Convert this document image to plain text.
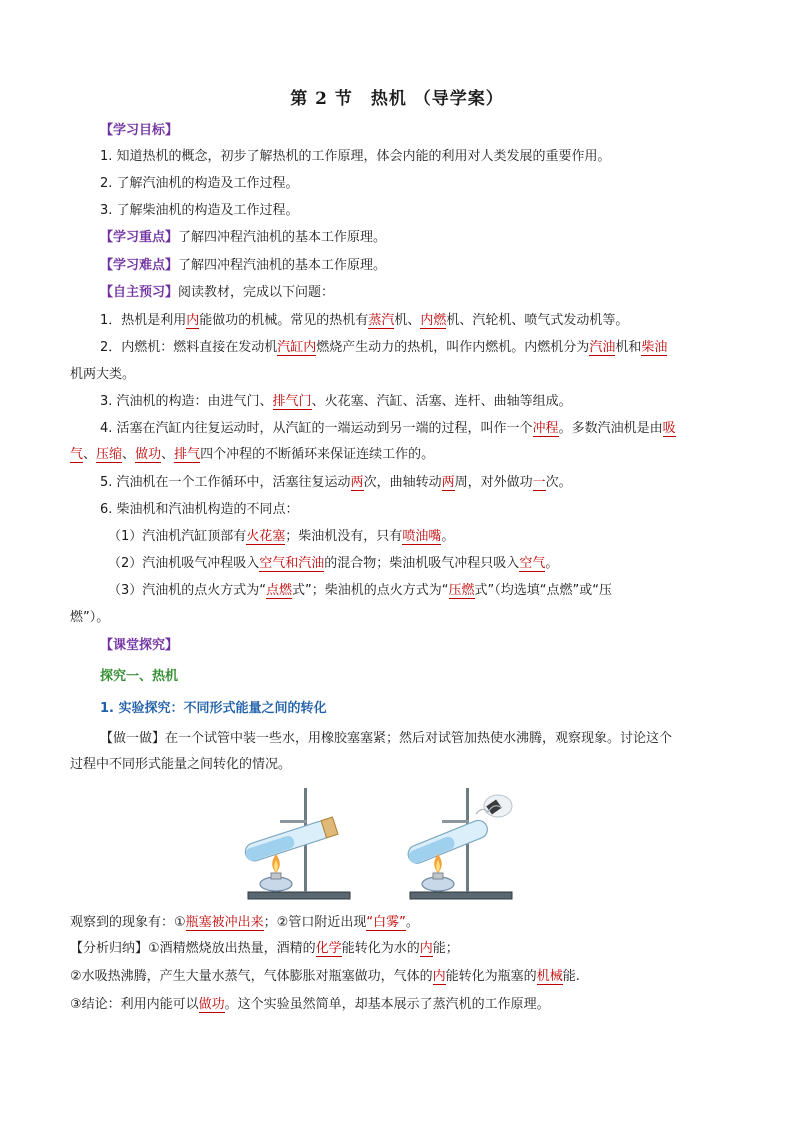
第 2 节　热机 （导学案）
【学习目标】
1. 知道热机的概念，初步了解热机的工作原理，体会内能的利用对人类发展的重要作用。
2. 了解汽油机的构造及工作过程。
3. 了解柴油机的构造及工作过程。
【学习重点】了解四冲程汽油机的基本工作原理。
【学习难点】了解四冲程汽油机的基本工作原理。
【自主预习】阅读教材，完成以下问题：
1．热机是利用内能做功的机械。常见的热机有蒸汽机、内燃机、汽轮机、喷气式发动机等。
2．内燃机：燃料直接在发动机汽缸内燃烧产生动力的热机，叫作内燃机。内燃机分为汽油机和柴油
机两大类。
3. 汽油机的构造：由进气门、排气门、火花塞、汽缸、活塞、连杆、曲轴等组成。
4. 活塞在汽缸内往复运动时，从汽缸的一端运动到另一端的过程，叫作一个冲程。多数汽油机是由吸
气、压缩、做功、排气四个冲程的不断循环来保证连续工作的。
5. 汽油机在一个工作循环中，活塞往复运动两次，曲轴转动两周，对外做功一次。
6. 柴油机和汽油机构造的不同点：
（1）汽油机汽缸顶部有火花塞；柴油机没有，只有喷油嘴。
（2）汽油机吸气冲程吸入空气和汽油的混合物；柴油机吸气冲程只吸入空气。
（3）汽油机的点火方式为“点燃式”；柴油机的点火方式为“压燃式”（均选填“点燃”或“压
燃”）。
【课堂探究】
探究一、热机
1. 实验探究：不同形式能量之间的转化
【做一做】在一个试管中装一些水，用橡胶塞塞紧；然后对试管加热使水沸腾，观察现象。讨论这个
过程中不同形式能量之间转化的情况。
观察到的现象有：①瓶塞被冲出来；②管口附近出现“白雾”。
【分析归纳】①酒精燃烧放出热量，酒精的化学能转化为水的内能；
②水吸热沸腾，产生大量水蒸气，气体膨胀对瓶塞做功，气体的内能转化为瓶塞的机械能.
③结论：利用内能可以做功。这个实验虽然简单，却基本展示了蒸汽机的工作原理。
